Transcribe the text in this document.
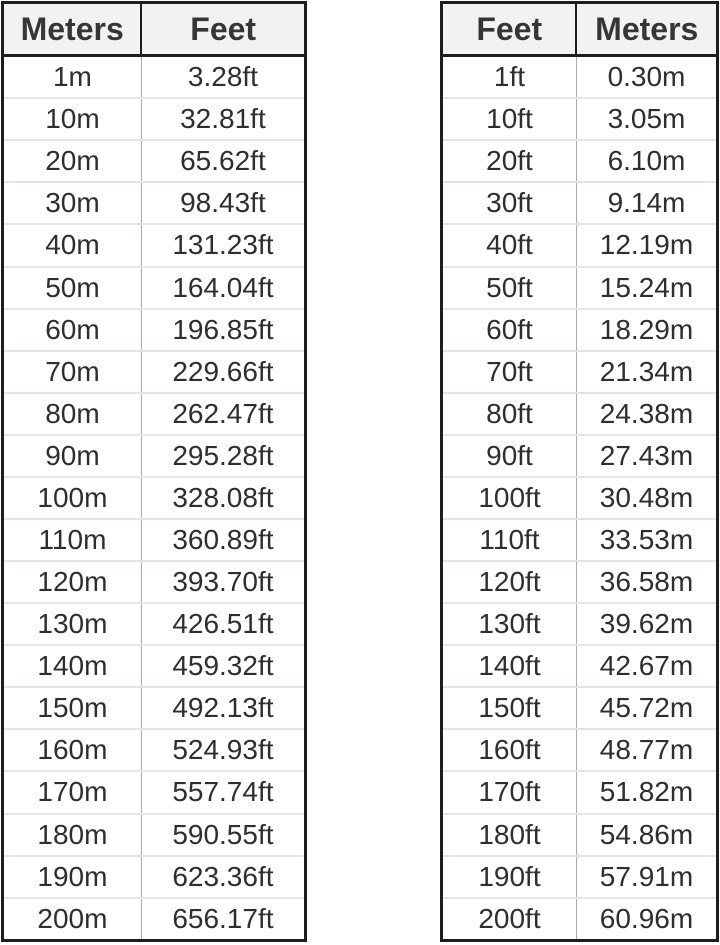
Meters	Feet
1m	3.28ft
10m	32.81ft
20m	65.62ft
30m	98.43ft
40m	131.23ft
50m	164.04ft
60m	196.85ft
70m	229.66ft
80m	262.47ft
90m	295.28ft
100m	328.08ft
110m	360.89ft
120m	393.70ft
130m	426.51ft
140m	459.32ft
150m	492.13ft
160m	524.93ft
170m	557.74ft
180m	590.55ft
190m	623.36ft
200m	656.17ft
Feet	Meters
1ft	0.30m
10ft	3.05m
20ft	6.10m
30ft	9.14m
40ft	12.19m
50ft	15.24m
60ft	18.29m
70ft	21.34m
80ft	24.38m
90ft	27.43m
100ft	30.48m
110ft	33.53m
120ft	36.58m
130ft	39.62m
140ft	42.67m
150ft	45.72m
160ft	48.77m
170ft	51.82m
180ft	54.86m
190ft	57.91m
200ft	60.96m
